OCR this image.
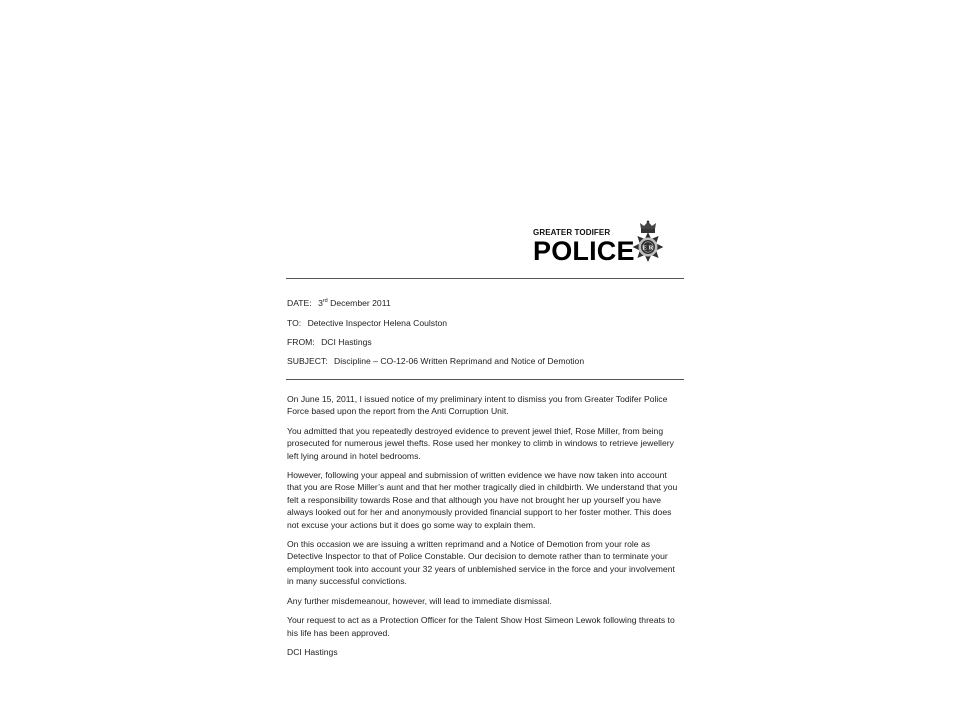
GREATER TODIFER
POLICE E R
DATE: 3rd December 2011
TO: Detective Inspector Helena Coulston
FROM: DCI Hastings
SUBJECT: Discipline – CO-12-06 Written Reprimand and Notice of Demotion

On June 15, 2011, I issued notice of my preliminary intent to dismiss you from Greater Todifer Police Force based upon the report from the Anti Corruption Unit.

You admitted that you repeatedly destroyed evidence to prevent jewel thief, Rose Miller, from being prosecuted for numerous jewel thefts. Rose used her monkey to climb in windows to retrieve jewellery left lying around in hotel bedrooms.

However, following your appeal and submission of written evidence we have now taken into account that you are Rose Miller’s aunt and that her mother tragically died in childbirth. We understand that you felt a responsibility towards Rose and that although you have not brought her up yourself you have always looked out for her and anonymously provided financial support to her foster mother. This does not excuse your actions but it does go some way to explain them.

On this occasion we are issuing a written reprimand and a Notice of Demotion from your role as Detective Inspector to that of Police Constable. Our decision to demote rather than to terminate your employment took into account your 32 years of unblemished service in the force and your involvement in many successful convictions.

Any further misdemeanour, however, will lead to immediate dismissal.

Your request to act as a Protection Officer for the Talent Show Host Simeon Lewok following threats to his life has been approved.

DCI Hastings
